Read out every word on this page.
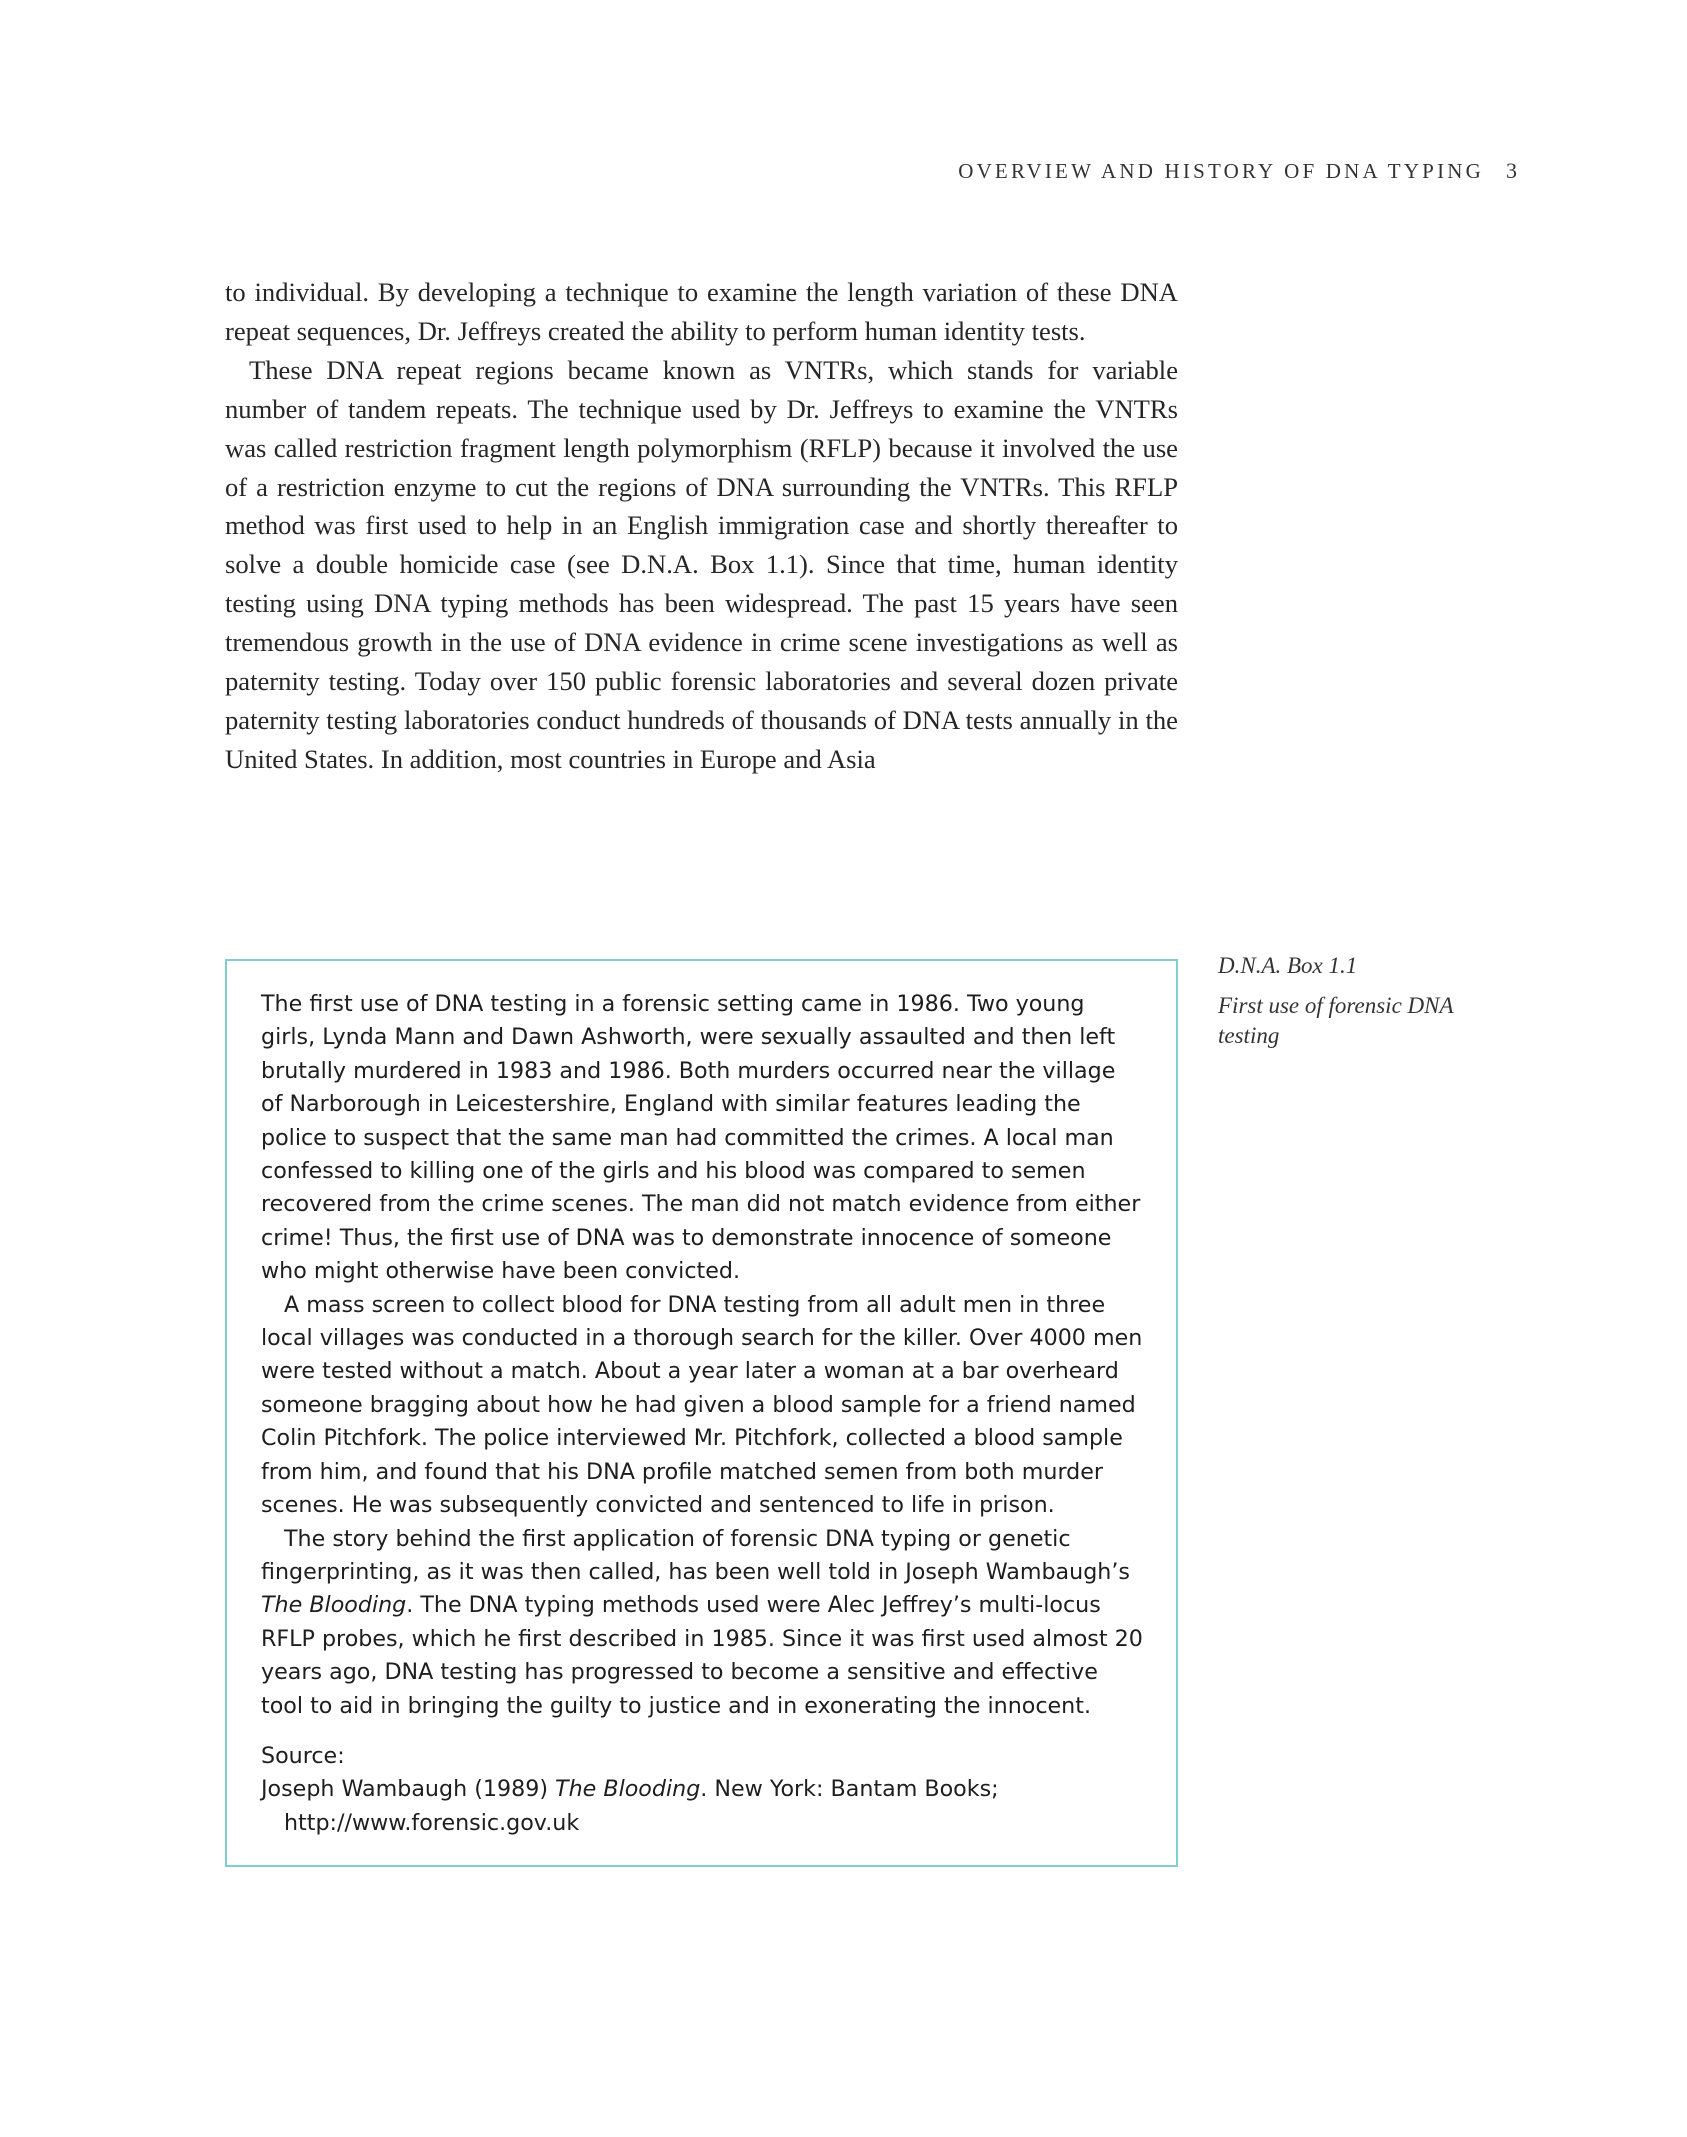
OVERVIEW AND HISTORY OF DNA TYPING 3

to individual. By developing a technique to examine the length variation of these DNA repeat sequences, Dr. Jeffreys created the ability to perform human identity tests.

These DNA repeat regions became known as VNTRs, which stands for variable number of tandem repeats. The technique used by Dr. Jeffreys to examine the VNTRs was called restriction fragment length polymorphism (RFLP) because it involved the use of a restriction enzyme to cut the regions of DNA surrounding the VNTRs. This RFLP method was first used to help in an English immigration case and shortly thereafter to solve a double homicide case (see D.N.A. Box 1.1). Since that time, human identity testing using DNA typing methods has been widespread. The past 15 years have seen tremendous growth in the use of DNA evidence in crime scene investigations as well as paternity testing. Today over 150 public forensic laboratories and several dozen private paternity testing laboratories conduct hundreds of thousands of DNA tests annually in the United States. In addition, most countries in Europe and Asia

D.N.A. Box 1.1

First use of forensic DNA testing

The first use of DNA testing in a forensic setting came in 1986. Two young girls, Lynda Mann and Dawn Ashworth, were sexually assaulted and then left brutally murdered in 1983 and 1986. Both murders occurred near the village of Narborough in Leicestershire, England with similar features leading the police to suspect that the same man had committed the crimes. A local man confessed to killing one of the girls and his blood was compared to semen recovered from the crime scenes. The man did not match evidence from either crime! Thus, the first use of DNA was to demonstrate innocence of someone who might otherwise have been convicted.

A mass screen to collect blood for DNA testing from all adult men in three local villages was conducted in a thorough search for the killer. Over 4000 men were tested without a match. About a year later a woman at a bar overheard someone bragging about how he had given a blood sample for a friend named Colin Pitchfork. The police interviewed Mr. Pitchfork, collected a blood sample from him, and found that his DNA profile matched semen from both murder scenes. He was subsequently convicted and sentenced to life in prison.

The story behind the first application of forensic DNA typing or genetic fingerprinting, as it was then called, has been well told in Joseph Wambaugh’s The Blooding. The DNA typing methods used were Alec Jeffrey’s multi-locus RFLP probes, which he first described in 1985. Since it was first used almost 20 years ago, DNA testing has progressed to become a sensitive and effective tool to aid in bringing the guilty to justice and in exonerating the innocent.

Source:

Joseph Wambaugh (1989) The Blooding. New York: Bantam Books;

http://www.forensic.gov.uk
